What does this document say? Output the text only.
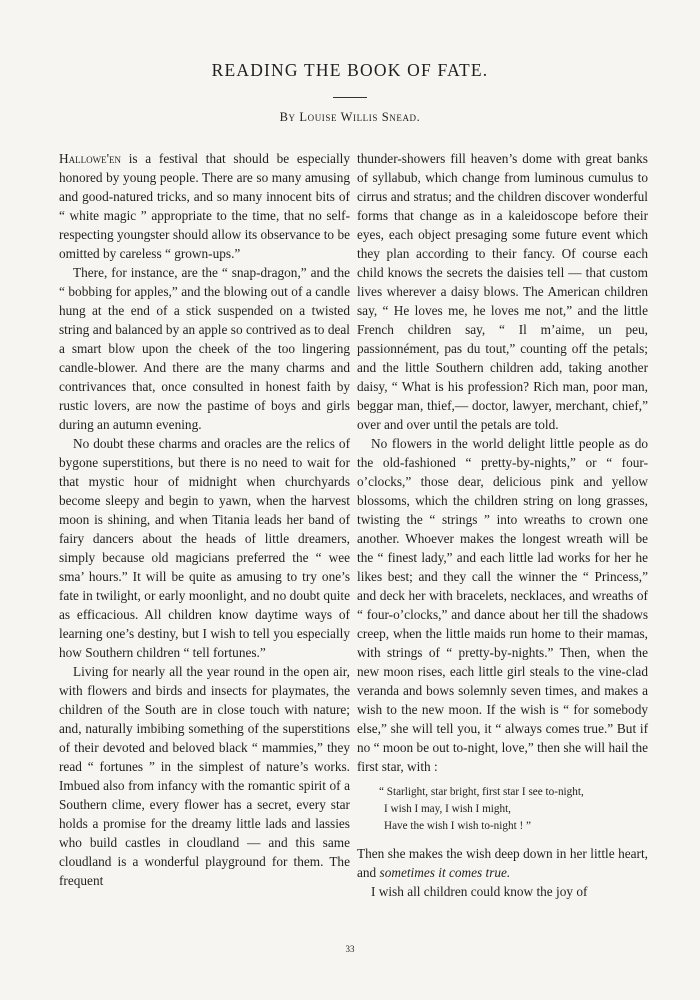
READING THE BOOK OF FATE.
By Louise Willis Snead.

Hallowe'en is a festival that should be especially honored by young people. There are so many amusing and good-natured tricks, and so many innocent bits of “ white magic ” appropriate to the time, that no self-respecting youngster should allow its observance to be omitted by careless “ grown-ups.”

There, for instance, are the “ snap-dragon,” and the “ bobbing for apples,” and the blowing out of a candle hung at the end of a stick suspended on a twisted string and balanced by an apple so contrived as to deal a smart blow upon the cheek of the too lingering candle-blower. And there are the many charms and contrivances that, once consulted in honest faith by rustic lovers, are now the pastime of boys and girls during an autumn evening.

No doubt these charms and oracles are the relics of bygone superstitions, but there is no need to wait for that mystic hour of midnight when churchyards become sleepy and begin to yawn, when the harvest moon is shining, and when Titania leads her band of fairy dancers about the heads of little dreamers, simply because old magicians preferred the “ wee sma’ hours.” It will be quite as amusing to try one’s fate in twilight, or early moonlight, and no doubt quite as efficacious. All children know daytime ways of learning one’s destiny, but I wish to tell you especially how Southern children “ tell fortunes.”

Living for nearly all the year round in the open air, with flowers and birds and insects for playmates, the children of the South are in close touch with nature; and, naturally imbibing something of the superstitions of their devoted and beloved black “ mammies,” they read “ fortunes ” in the simplest of nature’s works. Imbued also from infancy with the romantic spirit of a Southern clime, every flower has a secret, every star holds a promise for the dreamy little lads and lassies who build castles in cloudland — and this same cloudland is a wonderful playground for them. The frequent

thunder-showers fill heaven’s dome with great banks of syllabub, which change from luminous cumulus to cirrus and stratus; and the children discover wonderful forms that change as in a kaleidoscope before their eyes, each object presaging some future event which they plan according to their fancy. Of course each child knows the secrets the daisies tell — that custom lives wherever a daisy blows. The American children say, “ He loves me, he loves me not,” and the little French children say, “ Il m’aime, un peu, passionnément, pas du tout,” counting off the petals; and the little Southern children add, taking another daisy, “ What is his profession? Rich man, poor man, beggar man, thief,— doctor, lawyer, merchant, chief,” over and over until the petals are told.

No flowers in the world delight little people as do the old-fashioned “ pretty-by-nights,” or “ four-o’clocks,” those dear, delicious pink and yellow blossoms, which the children string on long grasses, twisting the “ strings ” into wreaths to crown one another. Whoever makes the longest wreath will be the “ finest lady,” and each little lad works for her he likes best; and they call the winner the “ Princess,” and deck her with bracelets, necklaces, and wreaths of “ four-o’clocks,” and dance about her till the shadows creep, when the little maids run home to their mamas, with strings of “ pretty-by-nights.” Then, when the new moon rises, each little girl steals to the vine-clad veranda and bows solemnly seven times, and makes a wish to the new moon. If the wish is “ for somebody else,” she will tell you, it “ always comes true.” But if no “ moon be out to-night, love,” then she will hail the first star, with :

“ Starlight, star bright, first star I see to-night,
I wish I may, I wish I might,
Have the wish I wish to-night ! ”

Then she makes the wish deep down in her little heart, and sometimes it comes true.

I wish all children could know the joy of

33
